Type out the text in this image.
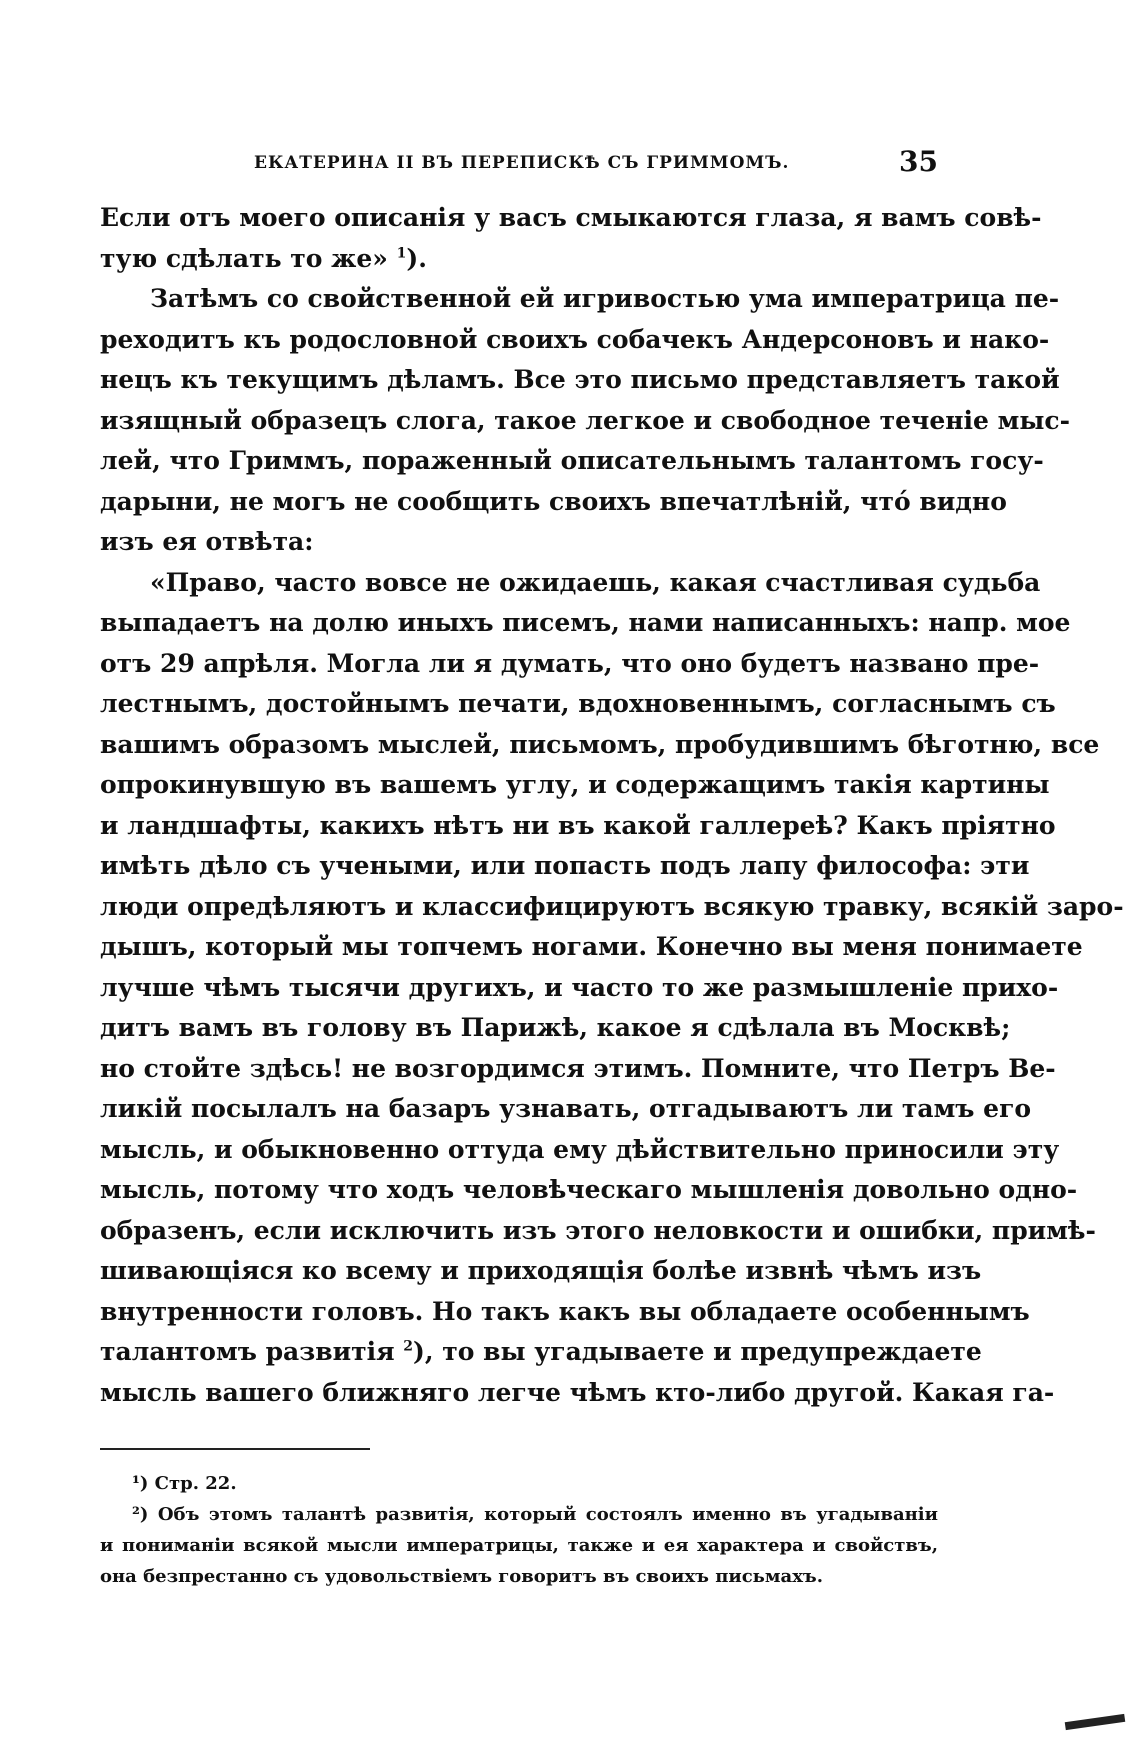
ЕКАТЕРИНА II ВЪ ПЕРЕПИСКѢ СЪ ГРИММОМЪ.	35
Если отъ моего описанія у васъ смыкаются глаза, я вамъ совѣ-
тую сдѣлать то же» $^1$).
Затѣмъ со свойственной ей игривостью ума императрица пе-
реходитъ къ родословной своихъ собачекъ Андерсоновъ и нако-
нецъ къ текущимъ дѣламъ. Все это письмо представляетъ такой
изящный образецъ слога, такое легкое и свободное теченіе мыс-
лей, что Гриммъ, пораженный описательнымъ талантомъ госу-
дарыни, не могъ не сообщить своихъ впечатлѣній, чтó видно
изъ ея отвѣта:
«Право, часто вовсе не ожидаешь, какая счастливая судьба
выпадаетъ на долю иныхъ писемъ, нами написанныхъ: напр. мое
отъ 29 апрѣля. Могла ли я думать, что оно будетъ названо пре-
лестнымъ, достойнымъ печати, вдохновеннымъ, согласнымъ съ
вашимъ образомъ мыслей, письмомъ, пробудившимъ бѣготню, все
опрокинувшую въ вашемъ углу, и содержащимъ такія картины
и ландшафты, какихъ нѣтъ ни въ какой галлереѣ? Какъ пріятно
имѣть дѣло съ учеными, или попасть подъ лапу философа: эти
люди опредѣляютъ и классифицируютъ всякую травку, всякій заро-
дышъ, который мы топчемъ ногами. Конечно вы меня понимаете
лучше чѣмъ тысячи другихъ, и часто то же размышленіе прихо-
дитъ вамъ въ голову въ Парижѣ, какое я сдѣлала въ Москвѣ;
но стойте здѣсь! не возгордимся этимъ. Помните, что Петръ Ве-
ликій посылалъ на базаръ узнавать, отгадываютъ ли тамъ его
мысль, и обыкновенно оттуда ему дѣйствительно приносили эту
мысль, потому что ходъ человѣческаго мышленія довольно одно-
образенъ, если исключить изъ этого неловкости и ошибки, примѣ-
шивающіяся ко всему и приходящія болѣе извнѣ чѣмъ изъ
внутренности головъ. Но такъ какъ вы обладаете особеннымъ
талантомъ развитія $^2$), то вы угадываете и предупреждаете
мысль вашего ближняго легче чѣмъ кто-либо другой. Какая га-
¹) Стр. 22.
²) Объ этомъ талантѣ развитія, который состоялъ именно въ угадываніи
и пониманіи всякой мысли императрицы, также и ея характера и свойствъ,
она безпрестанно съ удовольствіемъ говоритъ въ своихъ письмахъ.
